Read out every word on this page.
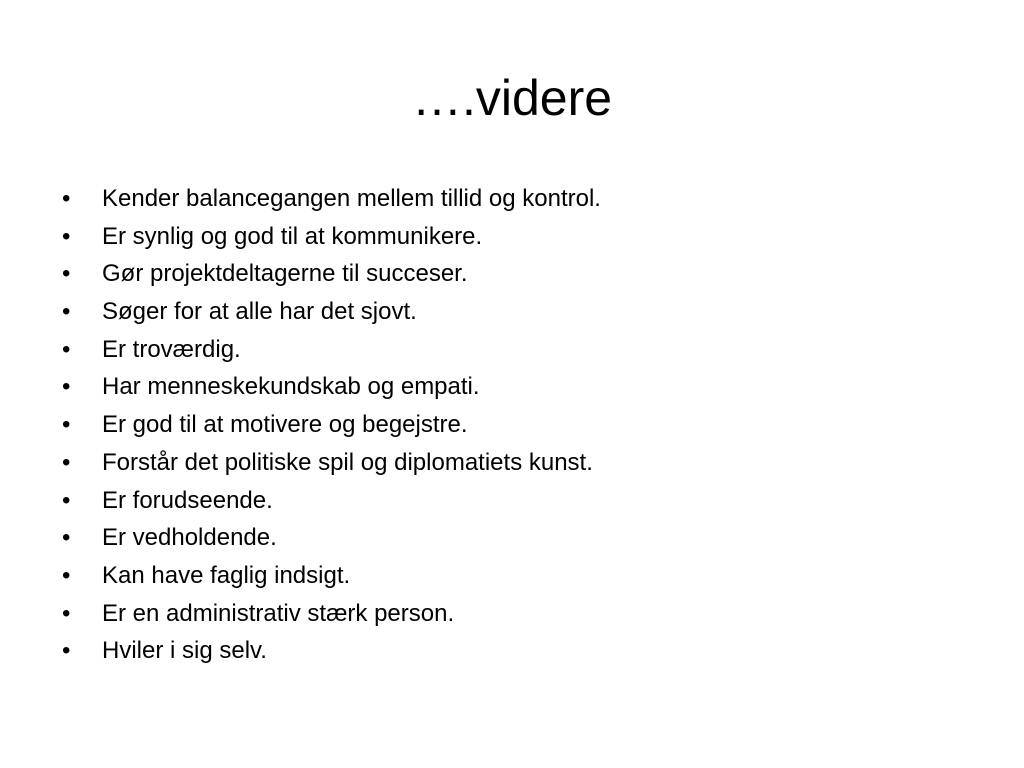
….videre
•	Kender balancegangen mellem tillid og kontrol.
•	Er synlig og god til at kommunikere.
•	Gør projektdeltagerne til succeser.
•	Søger for at alle har det sjovt.
•	Er troværdig.
•	Har menneskekundskab og empati.
•	Er god til at motivere og begejstre.
•	Forstår det politiske spil og diplomatiets kunst.
•	Er forudseende.
•	Er vedholdende.
•	Kan have faglig indsigt.
•	Er en administrativ stærk person.
•	Hviler i sig selv.
